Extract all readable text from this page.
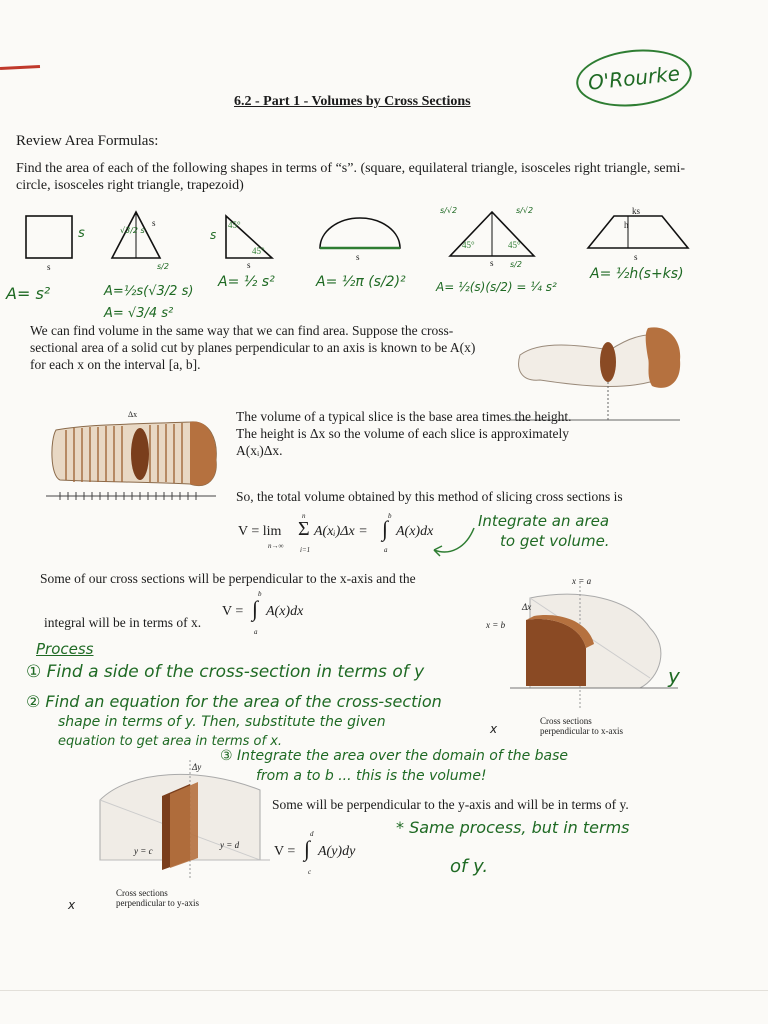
O'Rourke
6.2 - Part 1 - Volumes by Cross Sections
Review Area Formulas:
Find the area of each of the following shapes in terms of “s”. (square, equilateral triangle, isosceles right triangle, semi-circle, isosceles right triangle, trapezoid)
s
s
s
√3/2 s
s/2
s
45°
45°
s
s
s/√2	s/√2
45°	45°
s s/2
ks
h
s
A= s²	A=½s(√3/2 s)
A= √3/4 s²
A= ½ s²	A= ½π (s/2)²	A= ½(s)(s/2) = ¼ s²
A= ½h(s+ks)
We can find volume in the same way that we can find area. Suppose the cross-sectional area of a solid cut by planes perpendicular to an axis is known to be A(x) for each x on the interval [a, b].
Δx	The volume of a typical slice is the base area times the height. The height is Δx so the volume of each slice is approximately A(xᵢ)Δx.
So, the total volume obtained by this method of slicing cross sections is
V = lim
n→∞
n
Σ
i=1
A(xᵢ)Δx =
b
∫
a
A(x)dx
Integrate an area
to get volume.
Some of our cross sections will be perpendicular to the x-axis and the
integral will be in terms of x.
V =
b
∫
a
A(x)dx
x = a
Δx
x = b
y
Cross sections
perpendicular to x-axis
x
Process
① Find a side of the cross-section in terms of y
② Find an equation for the area of the cross-section
shape in terms of y. Then, substitute the given
equation to get area in terms of x.
③ Integrate the area over the domain of the base
from a to b ... this is the volume!
Some will be perpendicular to the y-axis and will be in terms of y.
V =
d
∫
c
A(y)dy
* Same process, but in terms
of y.
Δy
y = c
y = d
Cross sections
perpendicular to y-axis
x
